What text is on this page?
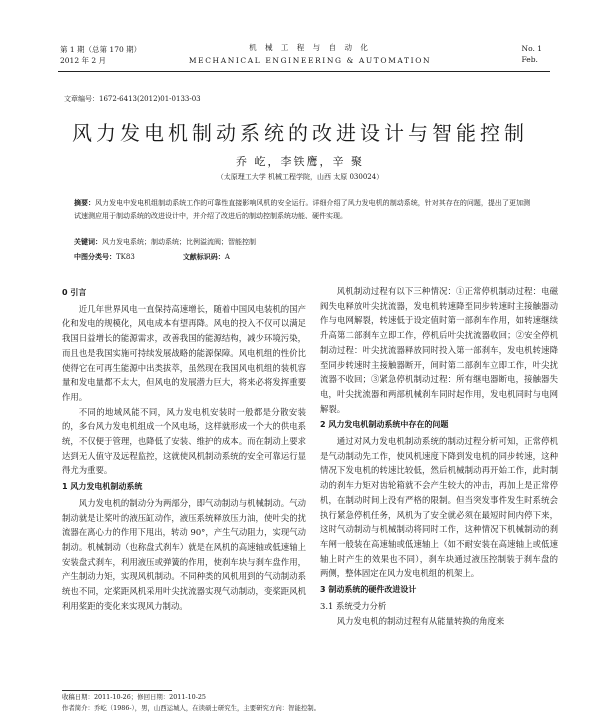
第 1 期（总第 170 期）
2012 年 2 月
机 械 工 程 与 自 动 化
MECHANICAL ENGINEERING & AUTOMATION
No. 1
Feb.
文章编号：1672-6413(2012)01-0133-03
风力发电机制动系统的改进设计与智能控制
乔 屹，李铁鹰，辛 聚
（太原理工大学 机械工程学院，山西 太原 030024）
摘要：风力发电中发电机组制动系统工作的可靠性直接影响风机的安全运行。详细介绍了风力发电机的制动系统，针对其存在的问题，提出了更加测试速测应用于制动系统的改进设计中，并介绍了改进后的制动控制系统功能、硬件实现。
关键词：风力发电系统；制动系统；比例溢流阀；智能控制
中图分类号：TK83	文献标识码：A

0 引言

近几年世界风电一直保持高速增长，随着中国风电装机的国产化和发电的规模化，风电成本有望再降。风电的投入不仅可以满足我国日益增长的能源需求，改善我国的能源结构，减少环境污染，而且也是我国实施可持续发展战略的能源保障。风电机组的性价比使得它在可再生能源中出类拔萃，虽然现在我国风电机组的装机容量和发电量都不太大，但风电的发展潜力巨大，将来必将发挥重要作用。

不同的地域风能不同，风力发电机安装时一般都是分散安装的，多台风力发电机组成一个风电场，这样就形成一个大的供电系统，不仅便于管理，也降低了安装、维护的成本。而在制动上要求达到无人值守及远程监控，这就使风机制动系统的安全可靠运行显得尤为重要。

1 风力发电机制动系统

风力发电机的制动分为两部分，即气动制动与机械制动。气动制动就是让桨叶的液压缸动作，液压系统释放压力油，使叶尖的扰流器在离心力的作用下甩出，转动 90°，产生气动阻力，实现气动制动。机械制动（也称盘式刹车）就是在风机的高速轴或低速轴上安装盘式刹车，利用液压或弹簧的作用，使刹车块与刹车盘作用，产生制动力矩，实现风机制动。不同种类的风机用到的气动制动系统也不同，定桨距风机采用叶尖扰流器实现气动制动，变桨距风机利用桨距的变化来实现风力制动。

风机制动过程有以下三种情况：①正常停机制动过程：电磁阀失电释放叶尖扰流器，发电机转速降至同步转速时主接触器动作与电网解裂，转速低于设定值时第一部刹车作用，如转速继续升高第二部刹车立即工作，停机后叶尖扰流器收回；②安全停机制动过程：叶尖扰流器释放同时投入第一部刹车，发电机转速降至同步转速时主接触器断开，间时第二部刹车立即工作，叶尖扰流器不收回；③紧急停机制动过程：所有继电器断电，接触器失电，叶尖扰流器和两部机械刹车同时起作用，发电机同时与电网解裂。

2 风力发电机制动系统中存在的问题

通过对风力发电机制动系统的制动过程分析可知，正常停机是气动制动先工作，使风机速度下降到发电机的同步转速，这种情况下发电机的转速比较低，然后机械制动再开始工作，此时制动的刹车力矩对齿轮箱就不会产生较大的冲击，再加上是正常停机，在制动时间上没有严格的限制。但当突发事件发生时系统会执行紧急停机任务，风机为了安全就必须在最短时间内停下来，这时气动制动与机械制动将同时工作，这种情况下机械制动的刹车闸一般装在高速轴或低速轴上（如不耐安装在高速轴上或低速轴上时产生的效果也不同），刹车块通过液压控制装于刹车盘的两侧，整体固定在风力发电机组的机架上。

3 制动系统的硬件改进设计

3.1 系统受力分析

风力发电机的制动过程有从能量转换的角度来

收稿日期：2011-10-26；修回日期：2011-10-25
作者简介：乔屹（1986-），男，山西运城人，在读硕士研究生，主要研究方向：智能控制。
